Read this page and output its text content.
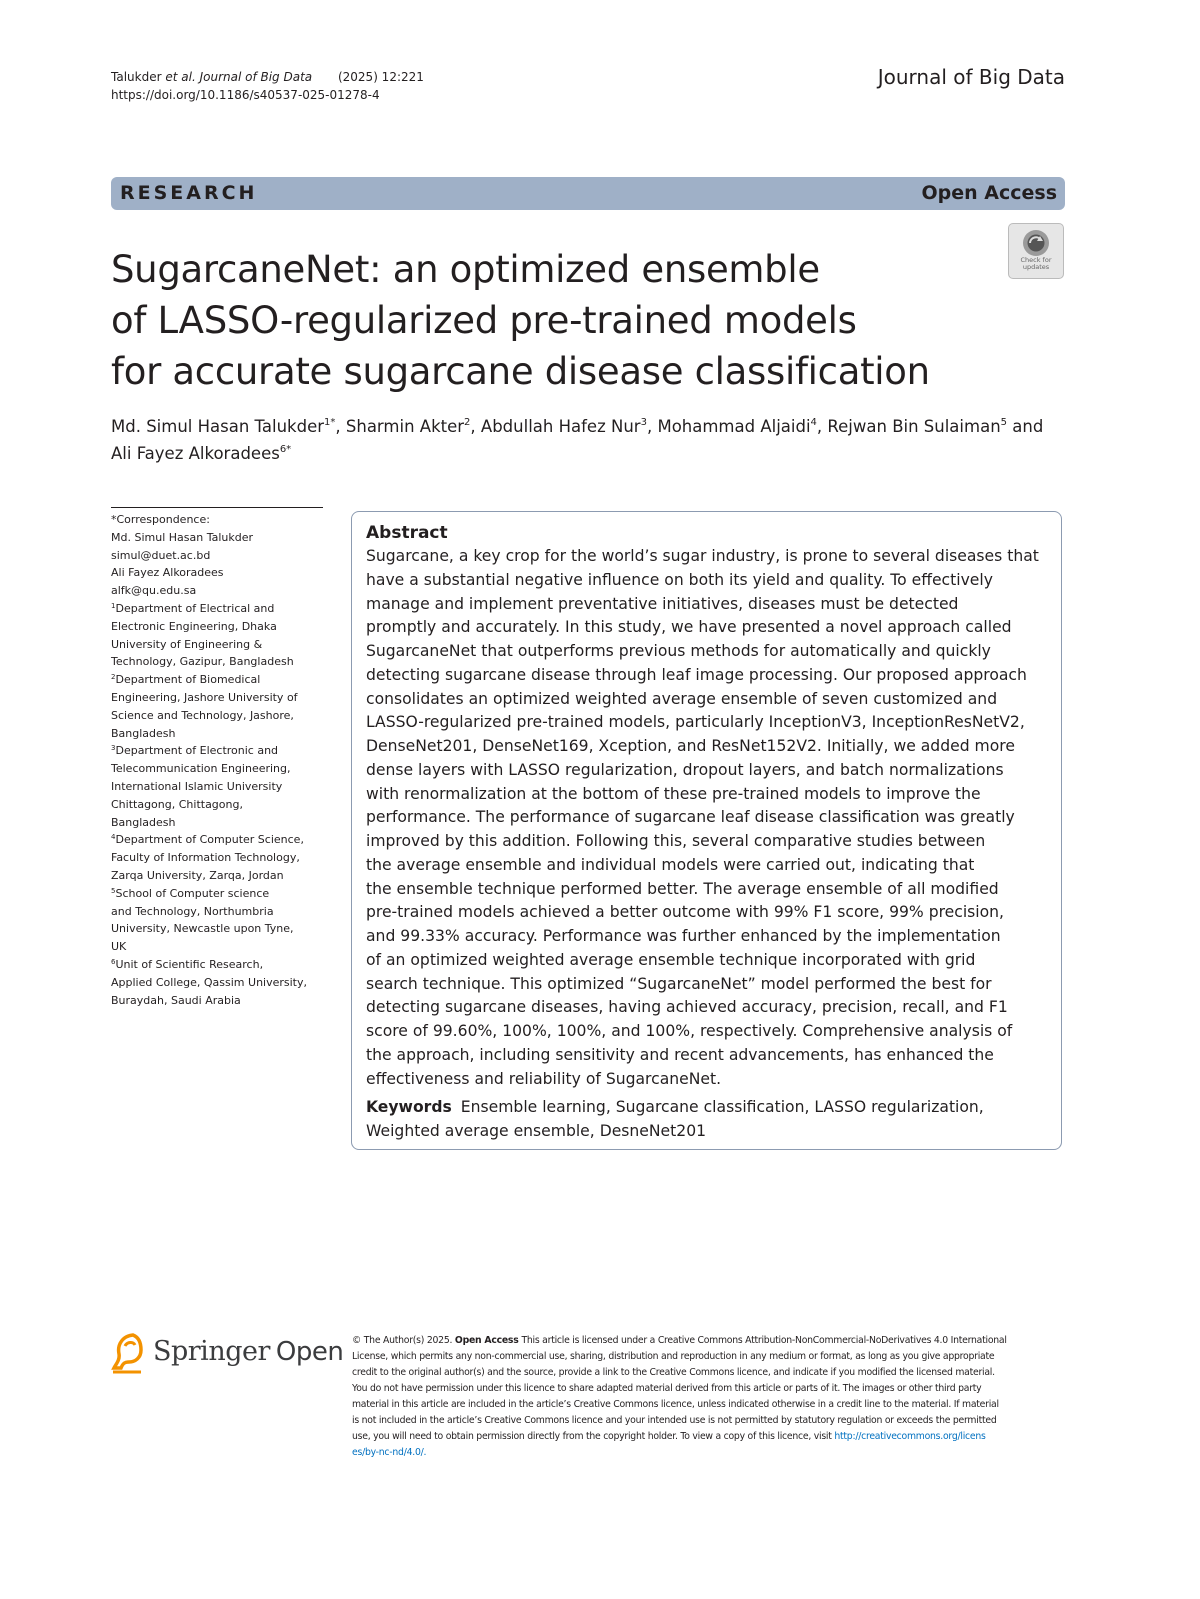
Talukder et al. Journal of Big Data (2025) 12:221
https://doi.org/10.1186/s40537-025-01278-4
Journal of Big Data
RESEARCH	Open Access
Check for
updates
SugarcaneNet: an optimized ensemble
of LASSO-regularized pre-trained models
for accurate sugarcane disease classification

Md. Simul Hasan Talukder$^{1*}$, Sharmin Akter$^2$, Abdullah Hafez Nur$^3$, Mohammad Aljaidi$^4$, Rejwan Bin Sulaiman$^5$ and
Ali Fayez Alkoradees$^{6*}$

*Correspondence:
Md. Simul Hasan Talukder
simul@duet.ac.bd
Ali Fayez Alkoradees
alfk@qu.edu.sa
$^1$Department of Electrical and
Electronic Engineering, Dhaka
University of Engineering &
Technology, Gazipur, Bangladesh
$^2$Department of Biomedical
Engineering, Jashore University of
Science and Technology, Jashore,
Bangladesh
$^3$Department of Electronic and
Telecommunication Engineering,
International Islamic University
Chittagong, Chittagong,
Bangladesh
$^4$Department of Computer Science,
Faculty of Information Technology,
Zarqa University, Zarqa, Jordan
$^5$School of Computer science
and Technology, Northumbria
University, Newcastle upon Tyne,
UK
$^6$Unit of Scientific Research,
Applied College, Qassim University,
Buraydah, Saudi Arabia
Abstract
Sugarcane, a key crop for the world’s sugar industry, is prone to several diseases that
have a substantial negative influence on both its yield and quality. To effectively
manage and implement preventative initiatives, diseases must be detected
promptly and accurately. In this study, we have presented a novel approach called
SugarcaneNet that outperforms previous methods for automatically and quickly
detecting sugarcane disease through leaf image processing. Our proposed approach
consolidates an optimized weighted average ensemble of seven customized and
LASSO-regularized pre-trained models, particularly InceptionV3, InceptionResNetV2,
DenseNet201, DenseNet169, Xception, and ResNet152V2. Initially, we added more
dense layers with LASSO regularization, dropout layers, and batch normalizations
with renormalization at the bottom of these pre-trained models to improve the
performance. The performance of sugarcane leaf disease classification was greatly
improved by this addition. Following this, several comparative studies between
the average ensemble and individual models were carried out, indicating that
the ensemble technique performed better. The average ensemble of all modified
pre-trained models achieved a better outcome with 99% F1 score, 99% precision,
and 99.33% accuracy. Performance was further enhanced by the implementation
of an optimized weighted average ensemble technique incorporated with grid
search technique. This optimized “SugarcaneNet” model performed the best for
detecting sugarcane diseases, having achieved accuracy, precision, recall, and F1
score of 99.60%, 100%, 100%, and 100%, respectively. Comprehensive analysis of
the approach, including sensitivity and recent advancements, has enhanced the
effectiveness and reliability of SugarcaneNet.
Keywords Ensemble learning, Sugarcane classification, LASSO regularization,
Weighted average ensemble, DesneNet201
Springer Open © The Author(s) 2025. Open Access This article is licensed under a Creative Commons Attribution-NonCommercial-NoDerivatives 4.0 International
License, which permits any non-commercial use, sharing, distribution and reproduction in any medium or format, as long as you give appropriate
credit to the original author(s) and the source, provide a link to the Creative Commons licence, and indicate if you modified the licensed material.
You do not have permission under this licence to share adapted material derived from this article or parts of it. The images or other third party
material in this article are included in the article’s Creative Commons licence, unless indicated otherwise in a credit line to the material. If material
is not included in the article’s Creative Commons licence and your intended use is not permitted by statutory regulation or exceeds the permitted
use, you will need to obtain permission directly from the copyright holder. To view a copy of this licence, visit http://creativecommons.org/licens
es/by-nc-nd/4.0/.
